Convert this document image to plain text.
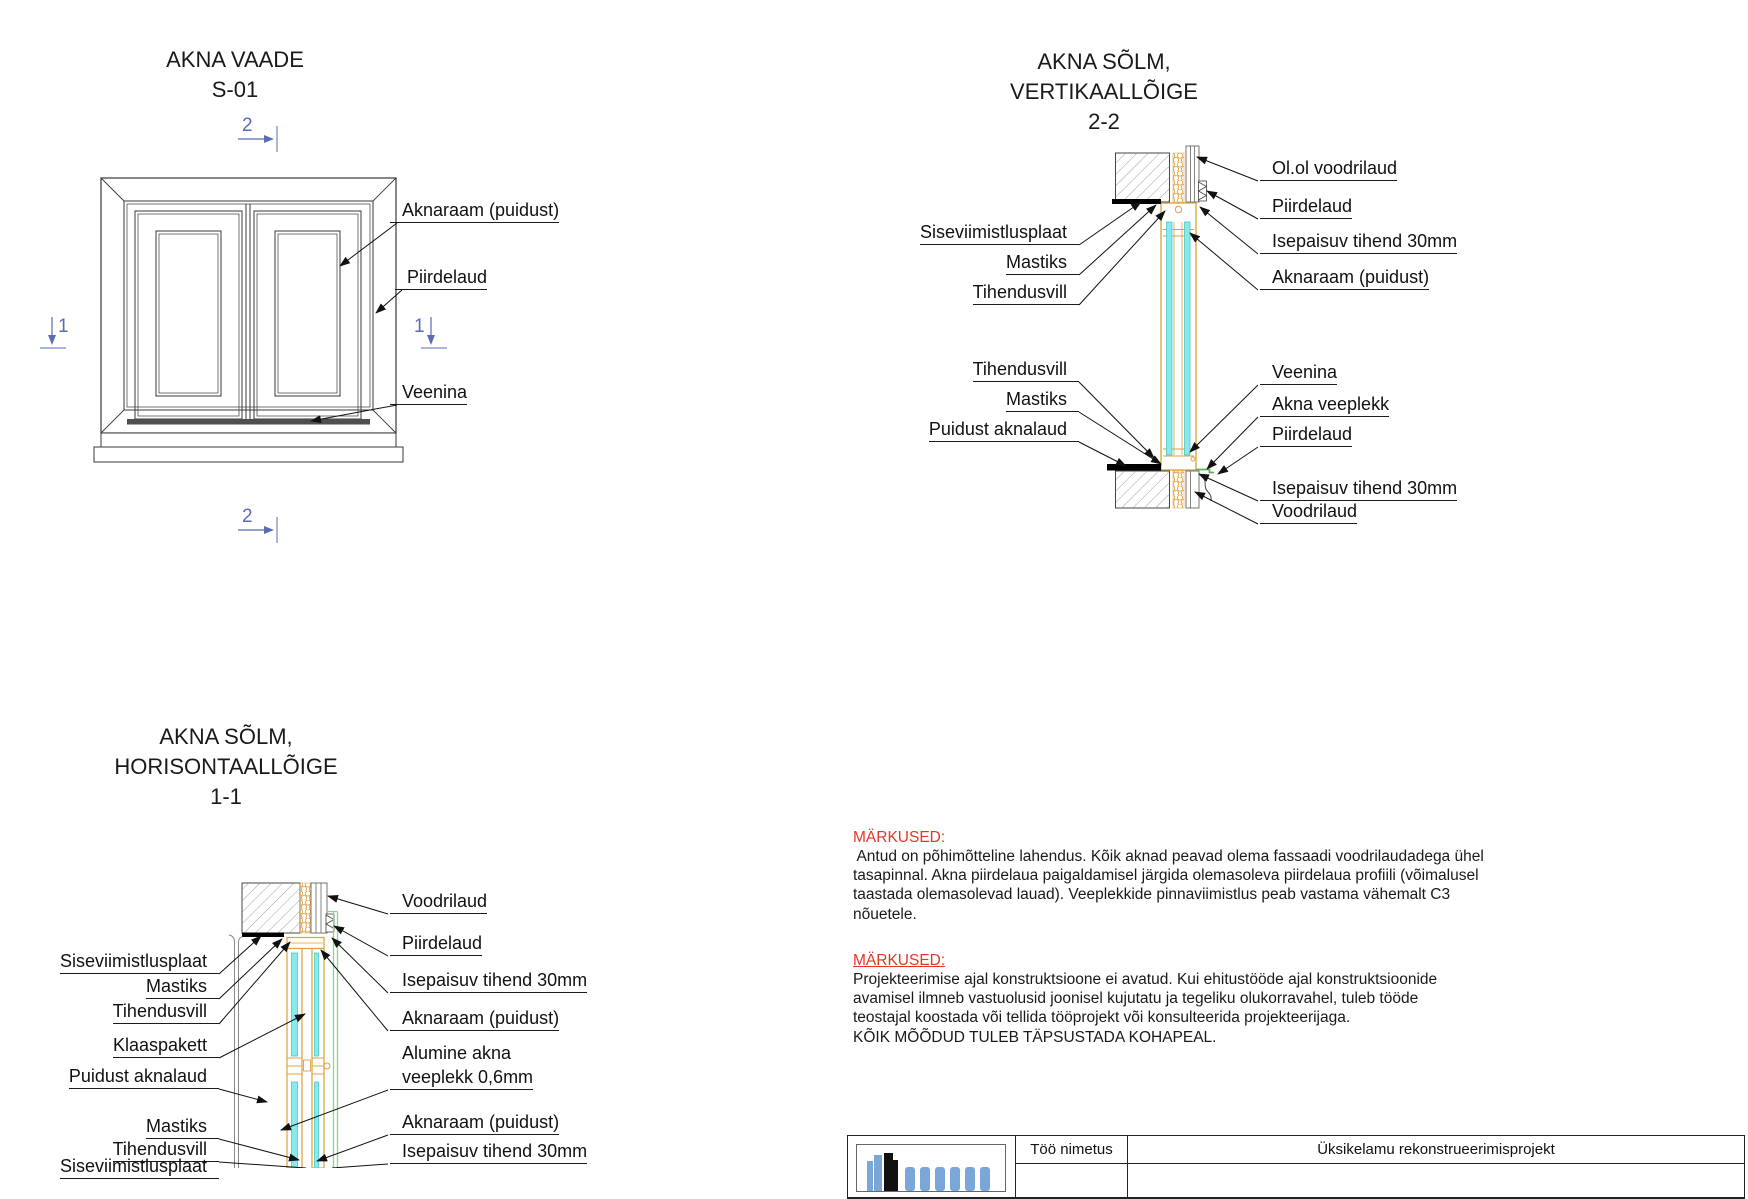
AKNA VAADE
S-01
AKNA SÕLM,
VERTIKAALLÕIGE
2-2
AKNA SÕLM,
HORISONTAALLÕIGE
1-1
2
2
1	1
Aknaraam (puidust)
Piirdelaud
Veenina
Siseviimistlusplaat
Mastiks
Tihendusvill
Tihendusvill
Mastiks
Puidust aknalaud
Ol.ol voodrilaud
Piirdelaud
Isepaisuv tihend 30mm
Aknaraam (puidust)
Veenina
Akna veeplekk
Piirdelaud
Isepaisuv tihend 30mm
Voodrilaud
Siseviimistlusplaat
Mastiks
Tihendusvill
Klaaspakett
Puidust aknalaud
Mastiks
Tihendusvill
Siseviimistlusplaat
Voodrilaud
Piirdelaud
Isepaisuv tihend 30mm
Aknaraam (puidust)
Alumine akna
veeplekk 0,6mm
Aknaraam (puidust)
Isepaisuv tihend 30mm
MÄRKUSED:
Antud on põhimõtteline lahendus. Kõik aknad peavad olema fassaadi voodrilaudadega ühel
tasapinnal. Akna piirdelaua paigaldamisel järgida olemasoleva piirdelaua profiili (võimalusel
taastada olemasolevad lauad). Veeplekkide pinnaviimistlus peab vastama vähemalt C3
nõuetele.
MÄRKUSED:
Projekteerimise ajal konstruktsioone ei avatud. Kui ehitustööde ajal konstruktsioonide
avamisel ilmneb vastuolusid joonisel kujutatu ja tegeliku olukorravahel, tuleb tööde
teostajal koostada või tellida tööprojekt või konsulteerida projekteerijaga.
KÕIK MÕÕDUD TULEB TÄPSUSTADA KOHAPEAL.
Töö nimetus	Üksikelamu rekonstrueerimisprojekt
